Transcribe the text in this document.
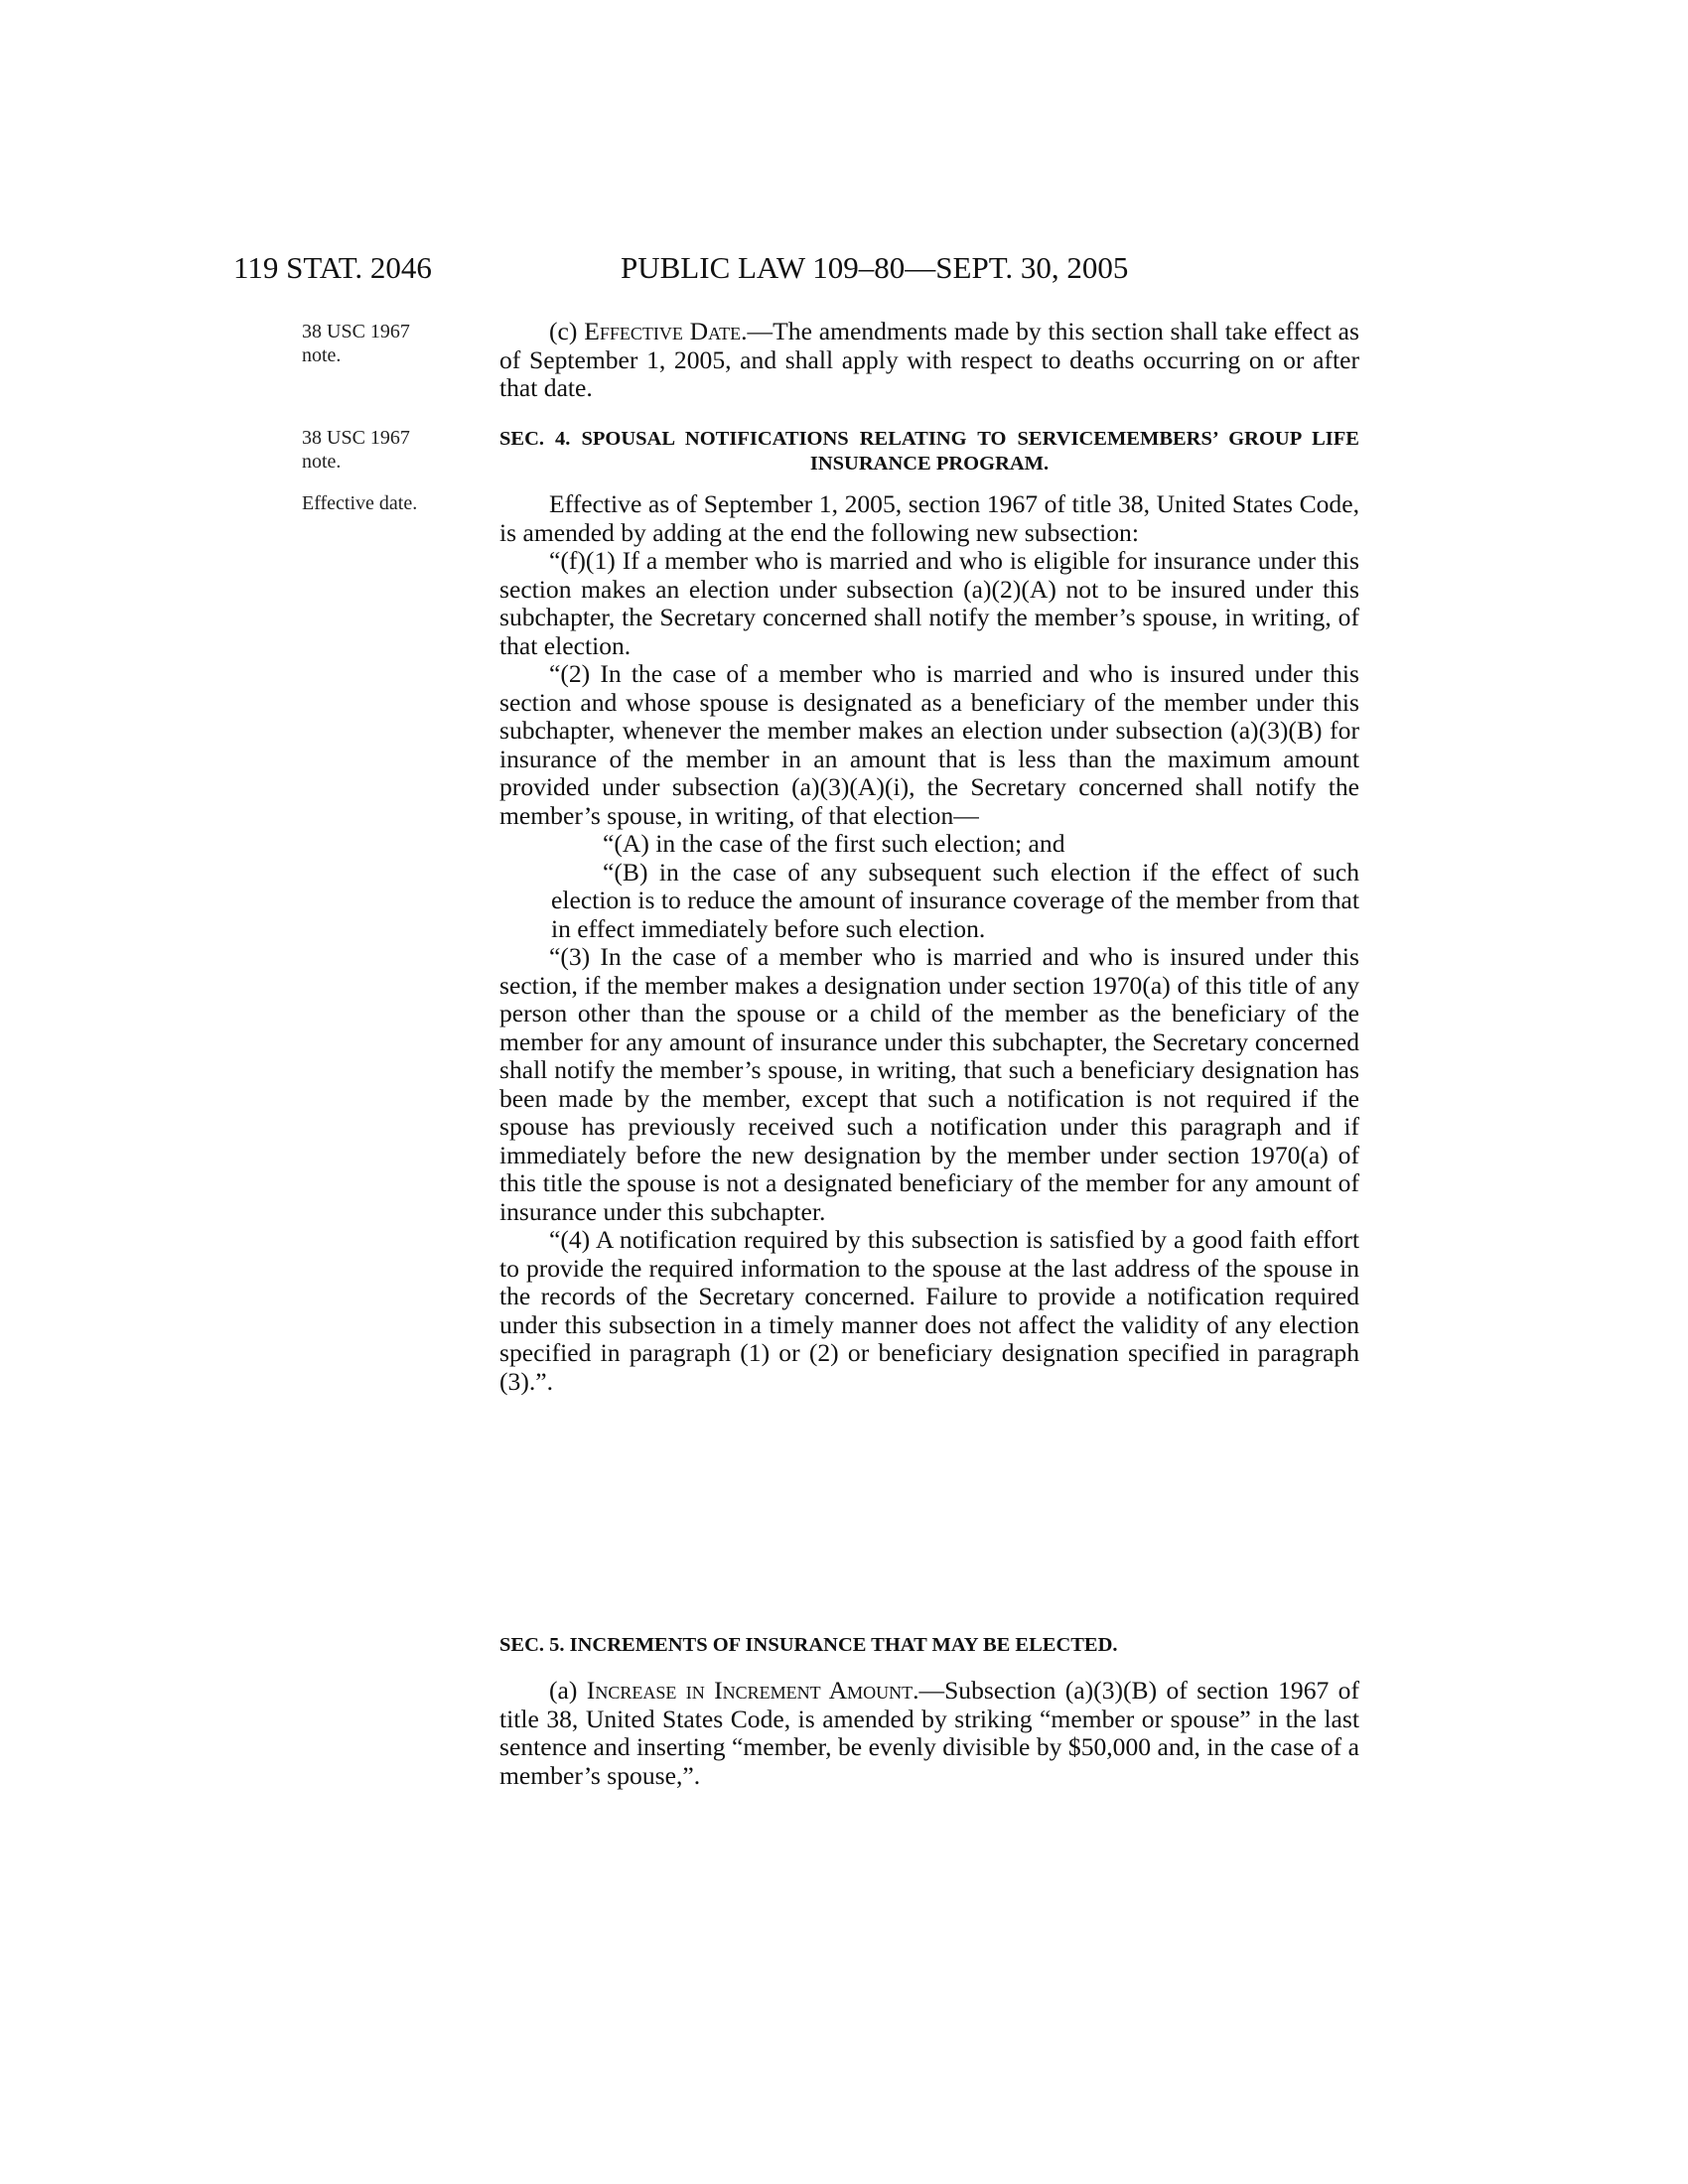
119 STAT. 2046	PUBLIC LAW 109–80—SEPT. 30, 2005
38 USC 1967
note.
38 USC 1967
note.
Effective date.

(c) Effective Date.—The amendments made by this section shall take effect as of September 1, 2005, and shall apply with respect to deaths occurring on or after that date.

SEC. 4. SPOUSAL NOTIFICATIONS RELATING TO SERVICEMEMBERS’ GROUP LIFE INSURANCE PROGRAM.

Effective as of September 1, 2005, section 1967 of title 38, United States Code, is amended by adding at the end the following new subsection:

“(f)(1) If a member who is married and who is eligible for insurance under this section makes an election under subsection (a)(2)(A) not to be insured under this subchapter, the Secretary concerned shall notify the member’s spouse, in writing, of that election.

“(2) In the case of a member who is married and who is insured under this section and whose spouse is designated as a beneficiary of the member under this subchapter, whenever the member makes an election under subsection (a)(3)(B) for insurance of the member in an amount that is less than the maximum amount provided under subsection (a)(3)(A)(i), the Secretary concerned shall notify the member’s spouse, in writing, of that election—

“(A) in the case of the first such election; and

“(B) in the case of any subsequent such election if the effect of such election is to reduce the amount of insurance coverage of the member from that in effect immediately before such election.

“(3) In the case of a member who is married and who is insured under this section, if the member makes a designation under section 1970(a) of this title of any person other than the spouse or a child of the member as the beneficiary of the member for any amount of insurance under this subchapter, the Secretary concerned shall notify the member’s spouse, in writing, that such a beneficiary designation has been made by the member, except that such a notification is not required if the spouse has previously received such a notification under this paragraph and if immediately before the new designation by the member under section 1970(a) of this title the spouse is not a designated beneficiary of the member for any amount of insurance under this subchapter.

“(4) A notification required by this subsection is satisfied by a good faith effort to provide the required information to the spouse at the last address of the spouse in the records of the Secretary concerned. Failure to provide a notification required under this subsection in a timely manner does not affect the validity of any election specified in paragraph (1) or (2) or beneficiary designation specified in paragraph (3).”.

SEC. 5. INCREMENTS OF INSURANCE THAT MAY BE ELECTED.

(a) Increase in Increment Amount.—Subsection (a)(3)(B) of section 1967 of title 38, United States Code, is amended by striking “member or spouse” in the last sentence and inserting “member, be evenly divisible by $50,000 and, in the case of a member’s spouse,”.
